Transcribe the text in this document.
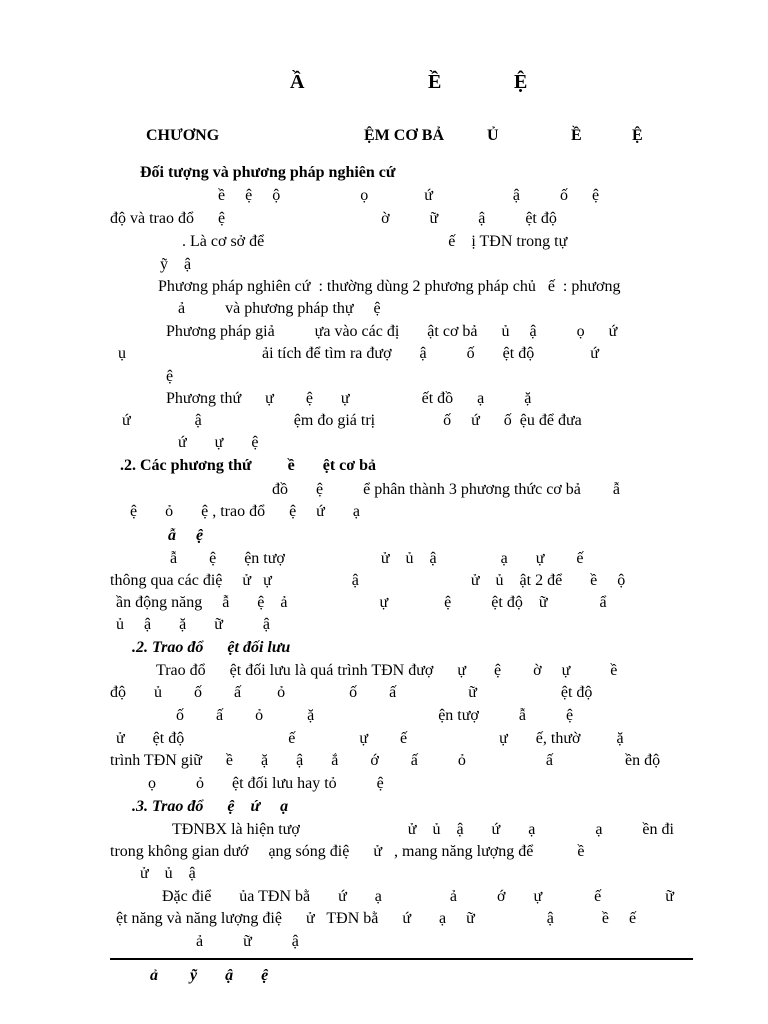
Ầ	Ề	Ệ
CHƯƠNG	ỆM CƠ BẢ	Ủ	Ề	Ệ
Đối tượng và phương pháp nghiên cứ
ề     ệ     ộ                    ọ              ứ                    ậ          ố      ệ
độ và trao đổ      ệ                                       ờ          ữ          ậ          ệt độ
. Là cơ sở để                                              ế    ị TĐN trong tự
ỹ    ậ
Phương pháp nghiên cứ  : thường dùng 2 phương pháp chủ   ế  : phương
ả          và phương pháp thự     ệ
Phương pháp giả          ựa vào các đị       ật cơ bả      ủ     ậ          ọ      ứ
ụ                                  ải tích để tìm ra đượ       ậ          ố       ệt độ              ứ
ệ
Phương thứ      ự        ệ       ự                  ết đồ      ạ          ặ
ứ                ậ                       ệm đo giá trị                 ố     ứ      ố  ệu để đưa
ứ       ự       ệ
.2. Các phương thứ         ề       ệt cơ bả
đồ       ệ          ể phân thành 3 phương thức cơ bả        ẫ
ệ       ỏ       ệ , trao đổ      ệ     ứ       ạ
ẫ     ệ
ẫ        ệ       ện tượ                        ử    ủ    ậ                ạ       ự        ế
thông qua các điệ     ử   ự                    ậ                            ử    ủ    ật 2 để       ề     ộ
ần động năng     ẫ       ệ    ả                       ự              ệ          ệt độ    ữ             ẩ
ủ     ậ       ặ       ữ          ậ
.2. Trao đổ      ệt đối lưu
Trao đổ      ệt đối lưu là quá trình TĐN đượ      ự       ệ        ờ     ự          ề
độ       ủ        ố        ấ         ỏ                ố        ấ                  ữ                     ệt độ
ố        ấ        ỏ           ặ                               ện tượ          ẫ          ệ
ử       ệt độ                          ế                ự        ế                       ự       ế, thườ         ặ
trình TĐN giữ      ề       ặ       ậ       ắ        ớ        ấ          ỏ                    ấ                  ền độ
ọ          ỏ       ệt đối lưu hay tỏ          ệ
.3. Trao đổ      ệ    ứ     ạ
TĐNBX là hiện tượ                           ử    ủ    ậ       ứ       ạ               ạ          ền đi
trong không gian dướ     ạng sóng điệ      ử   , mang năng lượng để           ề
ử    ủ    ậ
Đặc điể       ủa TĐN bằ       ứ       ạ                 ả          ớ       ự             ế                ữ
ệt năng và năng lượng điệ      ử   TĐN bằ      ứ       ạ     ữ                  ậ            ề     ế
ả          ữ          ậ
ả        ỹ       ậ       ệ
